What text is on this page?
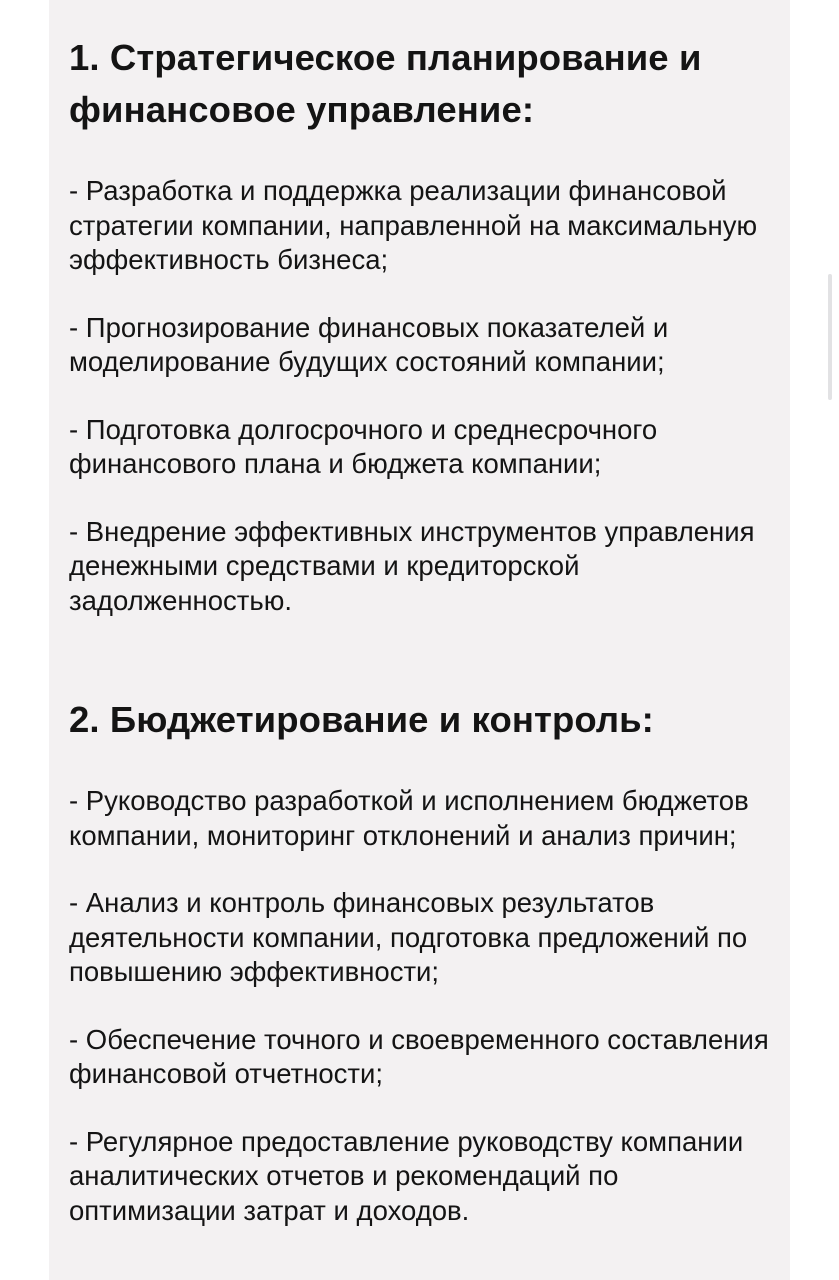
1. Стратегическое планирование и финансовое управление:

- Разработка и поддержка реализации финансовой стратегии компании, направленной на максимальную эффективность бизнеса;

- Прогнозирование финансовых показателей и моделирование будущих состояний компании;

- Подготовка долгосрочного и среднесрочного финансового плана и бюджета компании;

- Внедрение эффективных инструментов управления денежными средствами и кредиторской задолженностью.

2. Бюджетирование и контроль:

- Руководство разработкой и исполнением бюджетов компании, мониторинг отклонений и анализ причин;

- Анализ и контроль финансовых результатов деятельности компании, подготовка предложений по повышению эффективности;

- Обеспечение точного и своевременного составления финансовой отчетности;

- Регулярное предоставление руководству компании аналитических отчетов и рекомендаций по оптимизации затрат и доходов.
